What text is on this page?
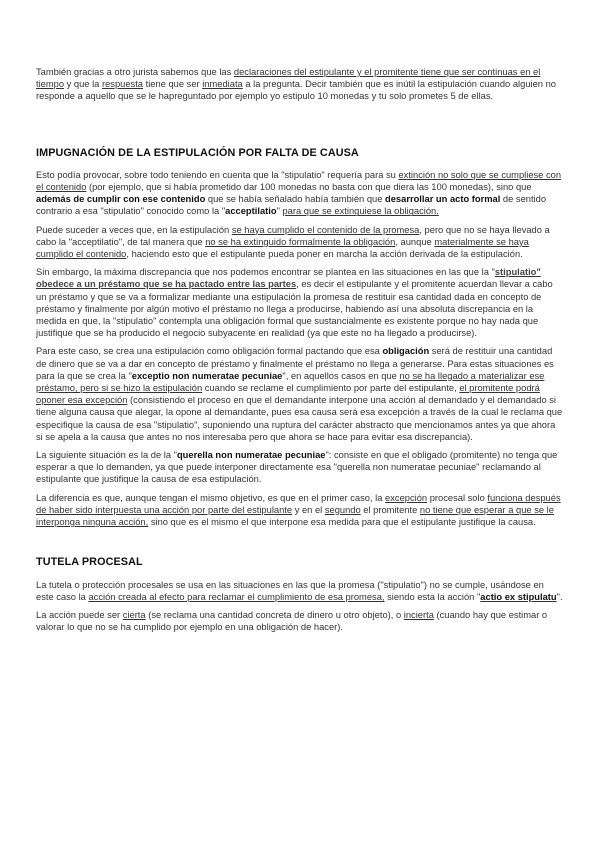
También gracias a otro jurista sabemos que las declaraciones del estipulante y el promitente tiene que ser continuas en el tiempo y que la respuesta tiene que ser inmediata a la pregunta. Decir también que es inútil la estipulación cuando alguien no responde a aquello que se le hapreguntado por ejemplo yo estipulo 10 monedas y tu solo prometes 5 de ellas.

IMPUGNACIÓN DE LA ESTIPULACIÓN POR FALTA DE CAUSA

Esto podía provocar, sobre todo teniendo en cuenta que la "stipulatio" requería para su extinción no solo que se cumpliese con el contenido (por ejemplo, que si había prometido dar 100 monedas no basta con que diera las 100 monedas), sino que además de cumplir con ese contenido que se había señalado había también que desarrollar un acto formal de sentido contrario a esa "stipulatio" conocido como la "acceptilatio" para que se extinguiese la obligación.

Puede suceder a veces que, en la estipulación se haya cumplido el contenido de la promesa, pero que no se haya llevado a cabo la "acceptilatio", de tal manera que no se ha extinguido formalmente la obligación, aunque materialmente se haya cumplido el contenido, haciendo esto que el estipulante pueda poner en marcha la acción derivada de la estipulación.

Sin embargo, la máxima discrepancia que nos podemos encontrar se plantea en las situaciones en las que la "stipulatio" obedece a un préstamo que se ha pactado entre las partes, es decir el estipulante y el promitente acuerdan llevar a cabo un préstamo y que se va a formalizar mediante una estipulación la promesa de restituir esa cantidad dada en concepto de préstamo y finalmente por algún motivo el préstamo no llega a producirse, habiendo así una absoluta discrepancia en la medida en que, la "stipulatio" contempla una obligación formal que sustancialmente es existente porque no hay nada que justifique que se ha producido el negocio subyacente en realidad (ya que este no ha llegado a producirse).

Para este caso, se crea una estipulación como obligación formal pactando que esa obligación será de restituir una cantidad de dinero que se va a dar en concepto de préstamo y finalmente el préstamo no llega a generarse. Para estas situaciones es para la que se crea la "exceptio non numeratae pecuniae", en aquellos casos en que no se ha llegado a materializar ese préstamo, pero si se hizo la estipulación cuando se reclame el cumplimiento por parte del estipulante, el promitente podrá oponer esa excepción (consistiendo el proceso en que el demandante interpone una acción al demandado y el demandado si tiene alguna causa que alegar, la opone al demandante, pues esa causa será esa excepción a través de la cual le reclama que especifique la causa de esa "stipulatio", suponiendo una ruptura del carácter abstracto que mencionamos antes ya que ahora si se apela a la causa que antes no nos interesaba pero que ahora se hace para evitar esa discrepancia).

La siguiente situación es la de la "querella non numeratae pecuniae": consiste en que el obligado (promitente) no tenga que esperar a que lo demanden, ya que puede interponer directamente esa "querella non numeratae pecuniae" reclamando al estipulante que justifique la causa de esa estipulación.

La diferencia es que, aunque tengan el mismo objetivo, es que en el primer caso, la excepción procesal solo funciona después de haber sido interpuesta una acción por parte del estipulante y en el segundo el promitente no tiene que esperar a que se le interponga ninguna acción, sino que es el mismo el que interpone esa medida para que el estipulante justifique la causa.

TUTELA PROCESAL

La tutela o protección procesales se usa en las situaciones en las que la promesa ("stipulatio") no se cumple, usándose en este caso la acción creada al efecto para reclamar el cumplimiento de esa promesa, siendo esta la acción "actio ex stipulatu".

La acción puede ser cierta (se reclama una cantidad concreta de dinero u otro objeto), o incierta (cuando hay que estimar o valorar lo que no se ha cumplido por ejemplo en una obligación de hacer).
